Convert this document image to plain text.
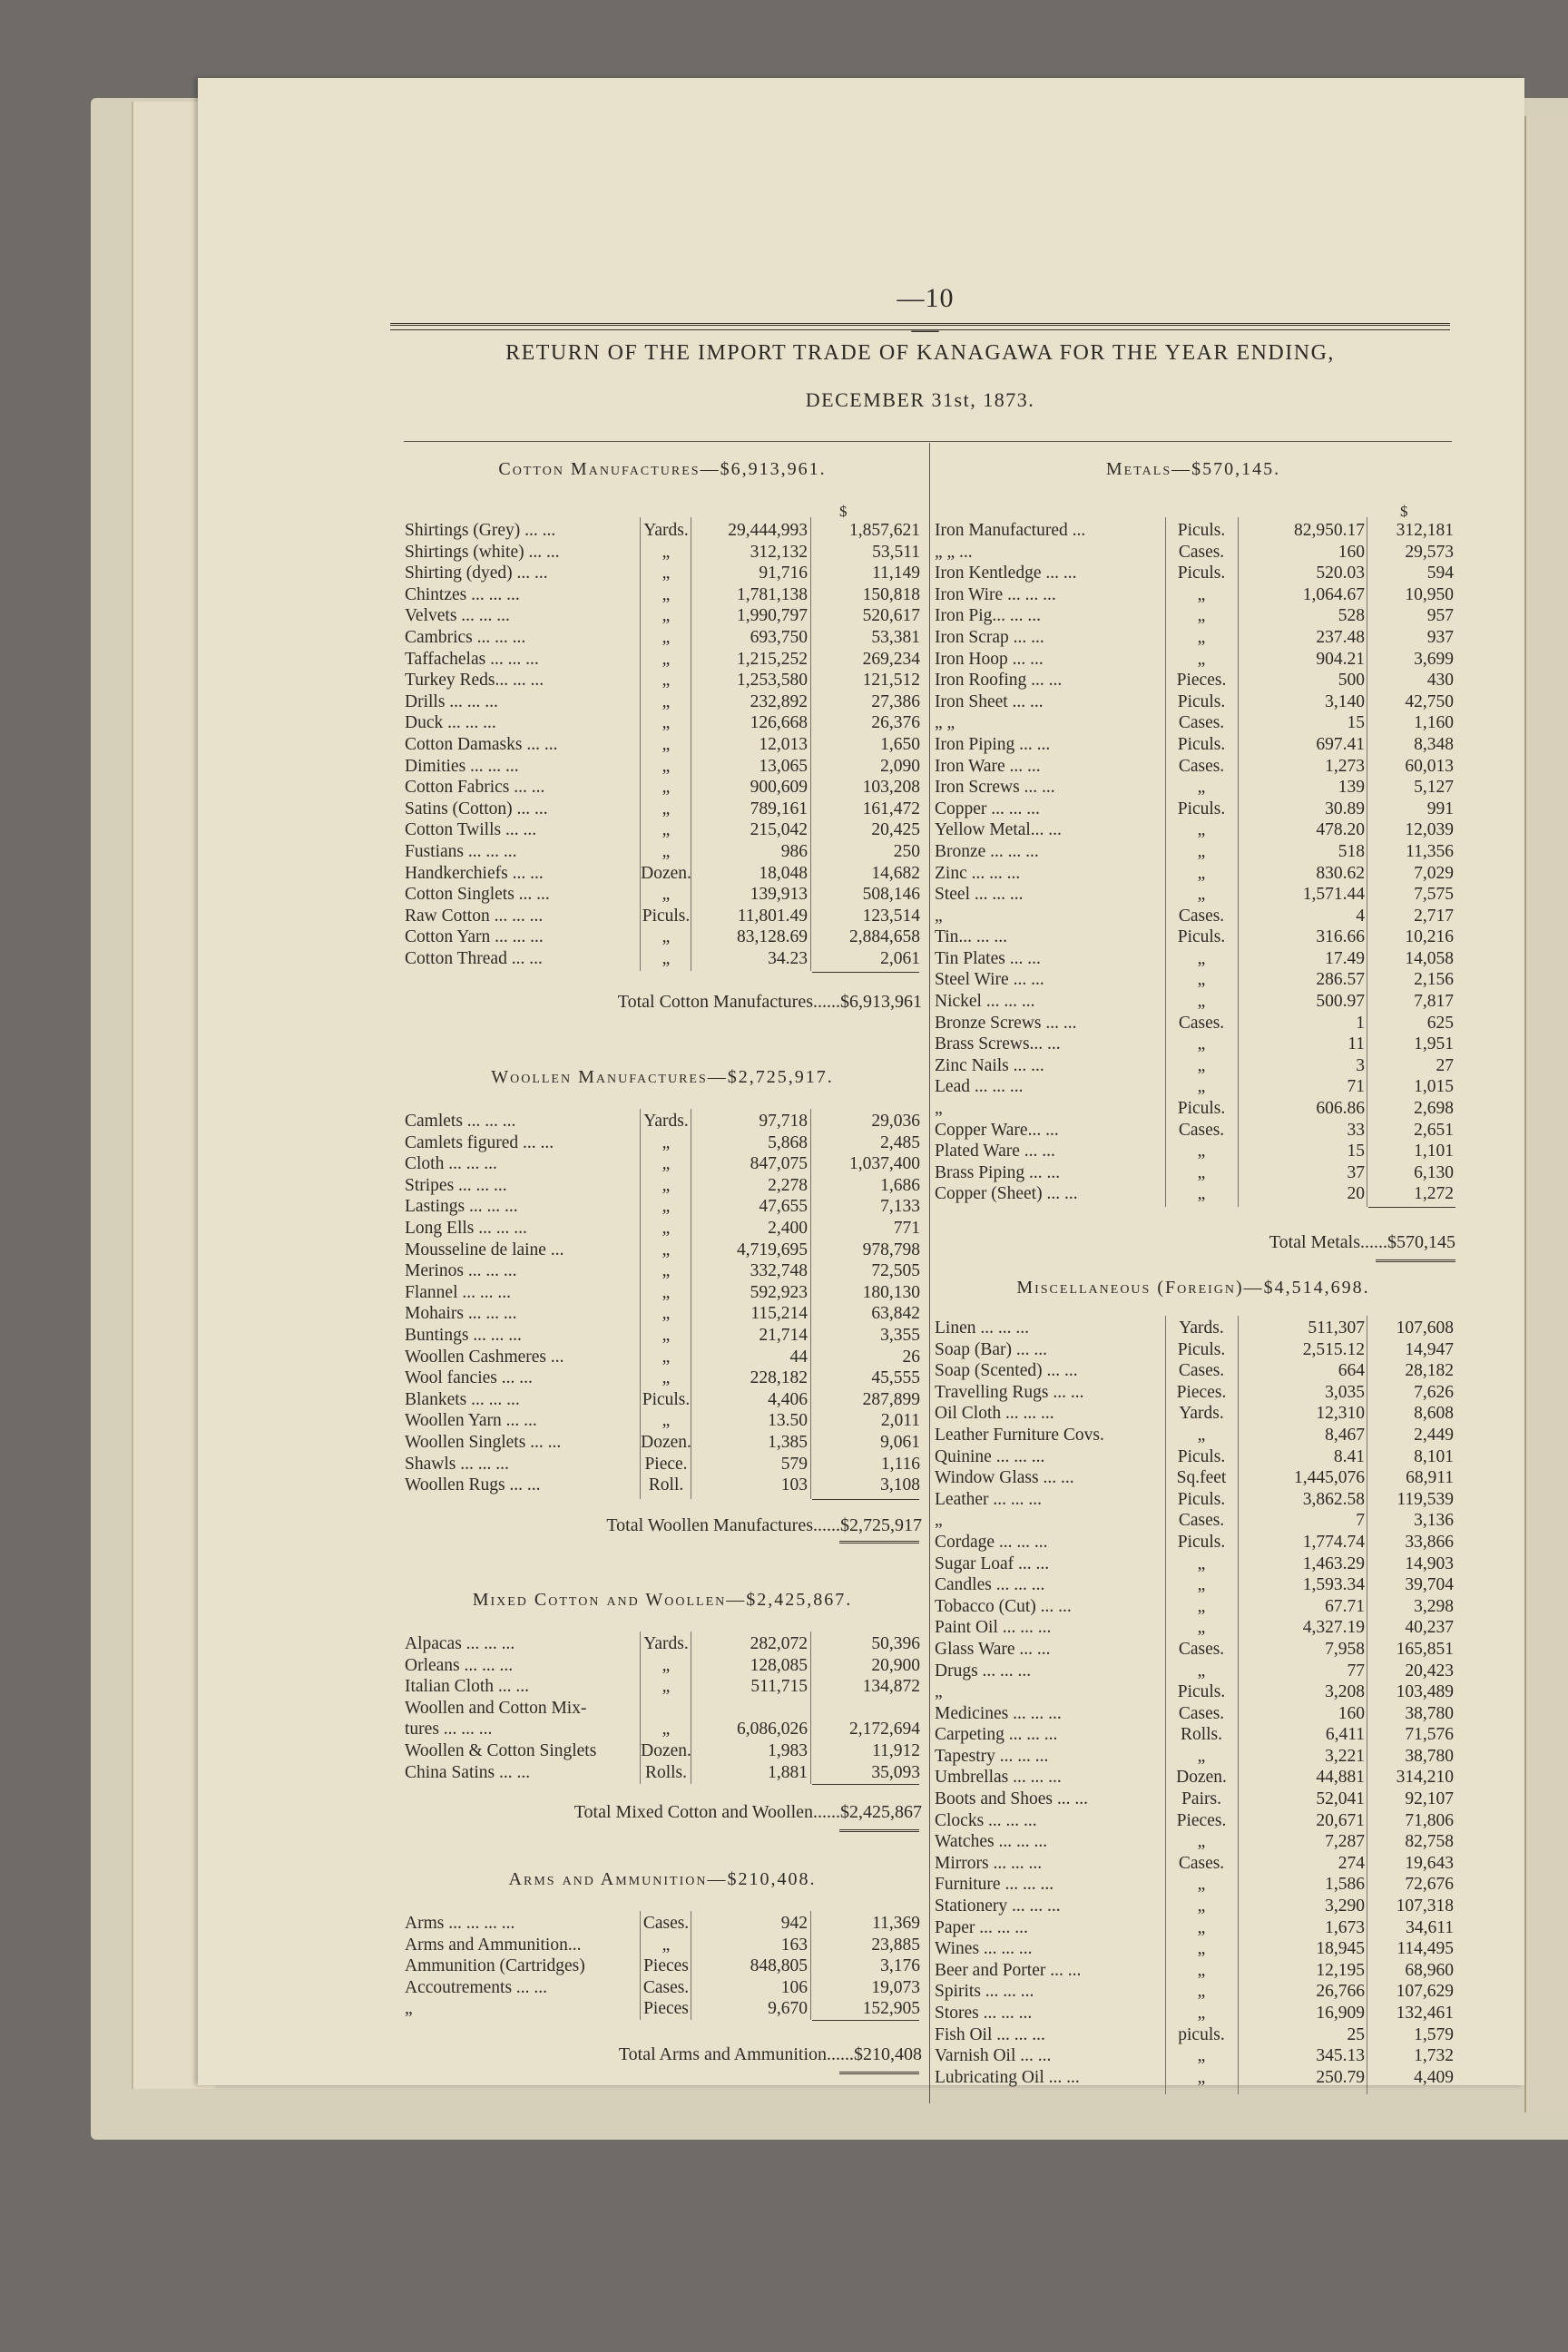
—10—
RETURN OF THE IMPORT TRADE OF KANAGAWA FOR THE YEAR ENDING,
DECEMBER 31st, 1873.
Cotton Manufactures—$6,913,961.
$
Shirtings (Grey) ... ...	Yards.	29,444,993	1,857,621
Shirtings (white) ... ...	„	312,132	53,511
Shirting (dyed) ... ...	„	91,716	11,149
Chintzes ... ... ...	„	1,781,138	150,818
Velvets ... ... ...	„	1,990,797	520,617
Cambrics ... ... ...	„	693,750	53,381
Taffachelas ... ... ...	„	1,215,252	269,234
Turkey Reds... ... ...	„	1,253,580	121,512
Drills ... ... ...	„	232,892	27,386
Duck ... ... ...	„	126,668	26,376
Cotton Damasks ... ...	„	12,013	1,650
Dimities ... ... ...	„	13,065	2,090
Cotton Fabrics ... ...	„	900,609	103,208
Satins (Cotton) ... ...	„	789,161	161,472
Cotton Twills ... ...	„	215,042	20,425
Fustians ... ... ...	„	986	250
Handkerchiefs ... ...	Dozen.	18,048	14,682
Cotton Singlets ... ...	„	139,913	508,146
Raw Cotton ... ... ...	Piculs.	11,801.49	123,514
Cotton Yarn ... ... ...	„	83,128.69	2,884,658
Cotton Thread ... ...	„	34.23	2,061
Total Cotton Manufactures......$6,913,961
Woollen Manufactures—$2,725,917.
Camlets ... ... ...	Yards.	97,718	29,036
Camlets figured ... ...	„	5,868	2,485
Cloth ... ... ...	„	847,075	1,037,400
Stripes ... ... ...	„	2,278	1,686
Lastings ... ... ...	„	47,655	7,133
Long Ells ... ... ...	„	2,400	771
Mousseline de laine ...	„	4,719,695	978,798
Merinos ... ... ...	„	332,748	72,505
Flannel ... ... ...	„	592,923	180,130
Mohairs ... ... ...	„	115,214	63,842
Buntings ... ... ...	„	21,714	3,355
Woollen Cashmeres ...	„	44	26
Wool fancies ... ...	„	228,182	45,555
Blankets ... ... ...	Piculs.	4,406	287,899
Woollen Yarn ... ...	„	13.50	2,011
Woollen Singlets ... ...	Dozen.	1,385	9,061
Shawls ... ... ...	Piece.	579	1,116
Woollen Rugs ... ...	Roll.	103	3,108
Total Woollen Manufactures......$2,725,917
Mixed Cotton and Woollen—$2,425,867.
Alpacas ... ... ...	Yards.	282,072	50,396
Orleans ... ... ...	„	128,085	20,900
Italian Cloth ... ...	„	511,715	134,872
Woollen and Cotton Mix-
tures ... ... ...	„	6,086,026	2,172,694
Woollen & Cotton Singlets	Dozen.	1,983	11,912
China Satins ... ...	Rolls.	1,881	35,093
Total Mixed Cotton and Woollen......$2,425,867
Arms and Ammunition—$210,408.
Arms ... ... ... ...	Cases.	942	11,369
Arms and Ammunition...	„	163	23,885
Ammunition (Cartridges)	Pieces	848,805	3,176
Accoutrements ... ...	Cases.	106	19,073
„	Pieces	9,670	152,905
Total Arms and Ammunition......$210,408
Metals—$570,145.
$
Iron Manufactured ...	Piculs.	82,950.17	312,181
„ „ ...	Cases.	160	29,573
Iron Kentledge ... ...	Piculs.	520.03	594
Iron Wire ... ... ...	„	1,064.67	10,950
Iron Pig... ... ...	„	528	957
Iron Scrap ... ...	„	237.48	937
Iron Hoop ... ...	„	904.21	3,699
Iron Roofing ... ...	Pieces.	500	430
Iron Sheet ... ...	Piculs.	3,140	42,750
„ „	Cases.	15	1,160
Iron Piping ... ...	Piculs.	697.41	8,348
Iron Ware ... ...	Cases.	1,273	60,013
Iron Screws ... ...	„	139	5,127
Copper ... ... ...	Piculs.	30.89	991
Yellow Metal... ...	„	478.20	12,039
Bronze ... ... ...	„	518	11,356
Zinc ... ... ...	„	830.62	7,029
Steel ... ... ...	„	1,571.44	7,575
„	Cases.	4	2,717
Tin... ... ...	Piculs.	316.66	10,216
Tin Plates ... ...	„	17.49	14,058
Steel Wire ... ...	„	286.57	2,156
Nickel ... ... ...	„	500.97	7,817
Bronze Screws ... ...	Cases.	1	625
Brass Screws... ...	„	11	1,951
Zinc Nails ... ...	„	3	27
Lead ... ... ...	„	71	1,015
„	Piculs.	606.86	2,698
Copper Ware... ...	Cases.	33	2,651
Plated Ware ... ...	„	15	1,101
Brass Piping ... ...	„	37	6,130
Copper (Sheet) ... ...	„	20	1,272
Total Metals......$570,145
Miscellaneous (Foreign)—$4,514,698.
Linen ... ... ...	Yards.	511,307	107,608
Soap (Bar) ... ...	Piculs.	2,515.12	14,947
Soap (Scented) ... ...	Cases.	664	28,182
Travelling Rugs ... ...	Pieces.	3,035	7,626
Oil Cloth ... ... ...	Yards.	12,310	8,608
Leather Furniture Covs.	„	8,467	2,449
Quinine ... ... ...	Piculs.	8.41	8,101
Window Glass ... ...	Sq.feet	1,445,076	68,911
Leather ... ... ...	Piculs.	3,862.58	119,539
„	Cases.	7	3,136
Cordage ... ... ...	Piculs.	1,774.74	33,866
Sugar Loaf ... ...	„	1,463.29	14,903
Candles ... ... ...	„	1,593.34	39,704
Tobacco (Cut) ... ...	„	67.71	3,298
Paint Oil ... ... ...	„	4,327.19	40,237
Glass Ware ... ...	Cases.	7,958	165,851
Drugs ... ... ...	„	77	20,423
„	Piculs.	3,208	103,489
Medicines ... ... ...	Cases.	160	38,780
Carpeting ... ... ...	Rolls.	6,411	71,576
Tapestry ... ... ...	„	3,221	38,780
Umbrellas ... ... ...	Dozen.	44,881	314,210
Boots and Shoes ... ...	Pairs.	52,041	92,107
Clocks ... ... ...	Pieces.	20,671	71,806
Watches ... ... ...	„	7,287	82,758
Mirrors ... ... ...	Cases.	274	19,643
Furniture ... ... ...	„	1,586	72,676
Stationery ... ... ...	„	3,290	107,318
Paper ... ... ...	„	1,673	34,611
Wines ... ... ...	„	18,945	114,495
Beer and Porter ... ...	„	12,195	68,960
Spirits ... ... ...	„	26,766	107,629
Stores ... ... ...	„	16,909	132,461
Fish Oil ... ... ...	piculs.	25	1,579
Varnish Oil ... ...	„	345.13	1,732
Lubricating Oil ... ...	„	250.79	4,409
